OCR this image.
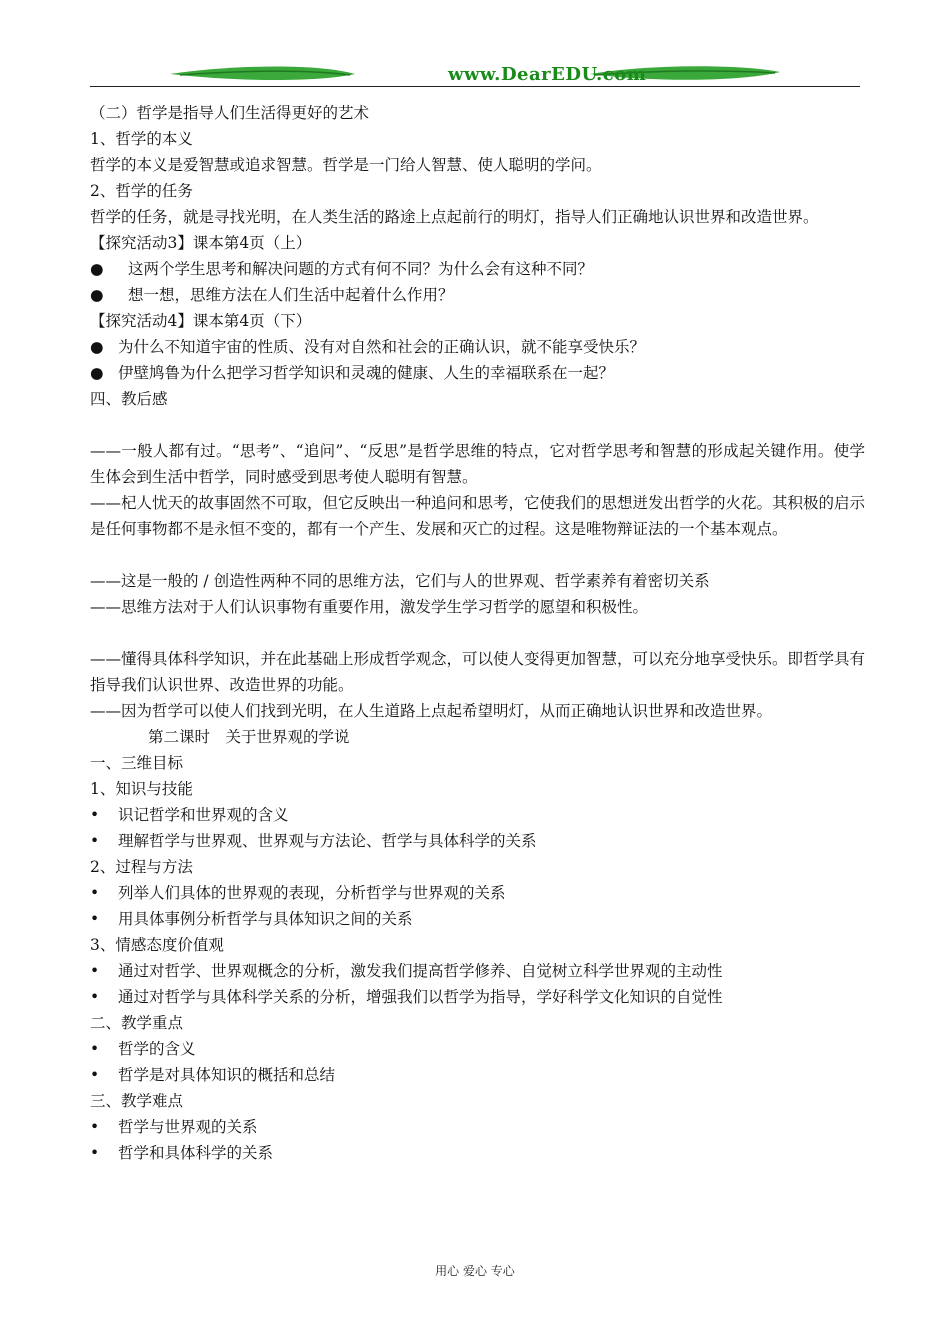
www.DearEDU.com
（二）哲学是指导人们生活得更好的艺术
1、哲学的本义
哲学的本义是爱智慧或追求智慧。哲学是一门给人智慧、使人聪明的学问。
2、哲学的任务
哲学的任务，就是寻找光明，在人类生活的路途上点起前行的明灯，指导人们正确地认识世界和改造世界。
【探究活动3】课本第4页（上）
● 这两个学生思考和解决问题的方式有何不同？为什么会有这种不同？
● 想一想，思维方法在人们生活中起着什么作用？
【探究活动4】课本第4页（下）
● 为什么不知道宇宙的性质、没有对自然和社会的正确认识，就不能享受快乐？
● 伊壁鸠鲁为什么把学习哲学知识和灵魂的健康、人生的幸福联系在一起？
四、教后感
——一般人都有过。“思考”、“追问”、“反思”是哲学思维的特点，它对哲学思考和智慧的形成起关键作用。使学生体会到生活中哲学，同时感受到思考使人聪明有智慧。
——杞人忧天的故事固然不可取，但它反映出一种追问和思考，它使我们的思想迸发出哲学的火花。其积极的启示是任何事物都不是永恒不变的，都有一个产生、发展和灭亡的过程。这是唯物辩证法的一个基本观点。
——这是一般的 / 创造性两种不同的思维方法，它们与人的世界观、哲学素养有着密切关系
——思维方法对于人们认识事物有重要作用，激发学生学习哲学的愿望和积极性。
——懂得具体科学知识，并在此基础上形成哲学观念，可以使人变得更加智慧，可以充分地享受快乐。即哲学具有指导我们认识世界、改造世界的功能。
——因为哲学可以使人们找到光明，在人生道路上点起希望明灯，从而正确地认识世界和改造世界。
第二课时　关于世界观的学说
一、三维目标
1、知识与技能
• 识记哲学和世界观的含义
• 理解哲学与世界观、世界观与方法论、哲学与具体科学的关系
2、过程与方法
• 列举人们具体的世界观的表现，分析哲学与世界观的关系
• 用具体事例分析哲学与具体知识之间的关系
3、情感态度价值观
• 通过对哲学、世界观概念的分析，激发我们提高哲学修养、自觉树立科学世界观的主动性
• 通过对哲学与具体科学关系的分析，增强我们以哲学为指导，学好科学文化知识的自觉性
二、教学重点
• 哲学的含义
• 哲学是对具体知识的概括和总结
三、教学难点
• 哲学与世界观的关系
• 哲学和具体科学的关系
用心 爱心 专心
